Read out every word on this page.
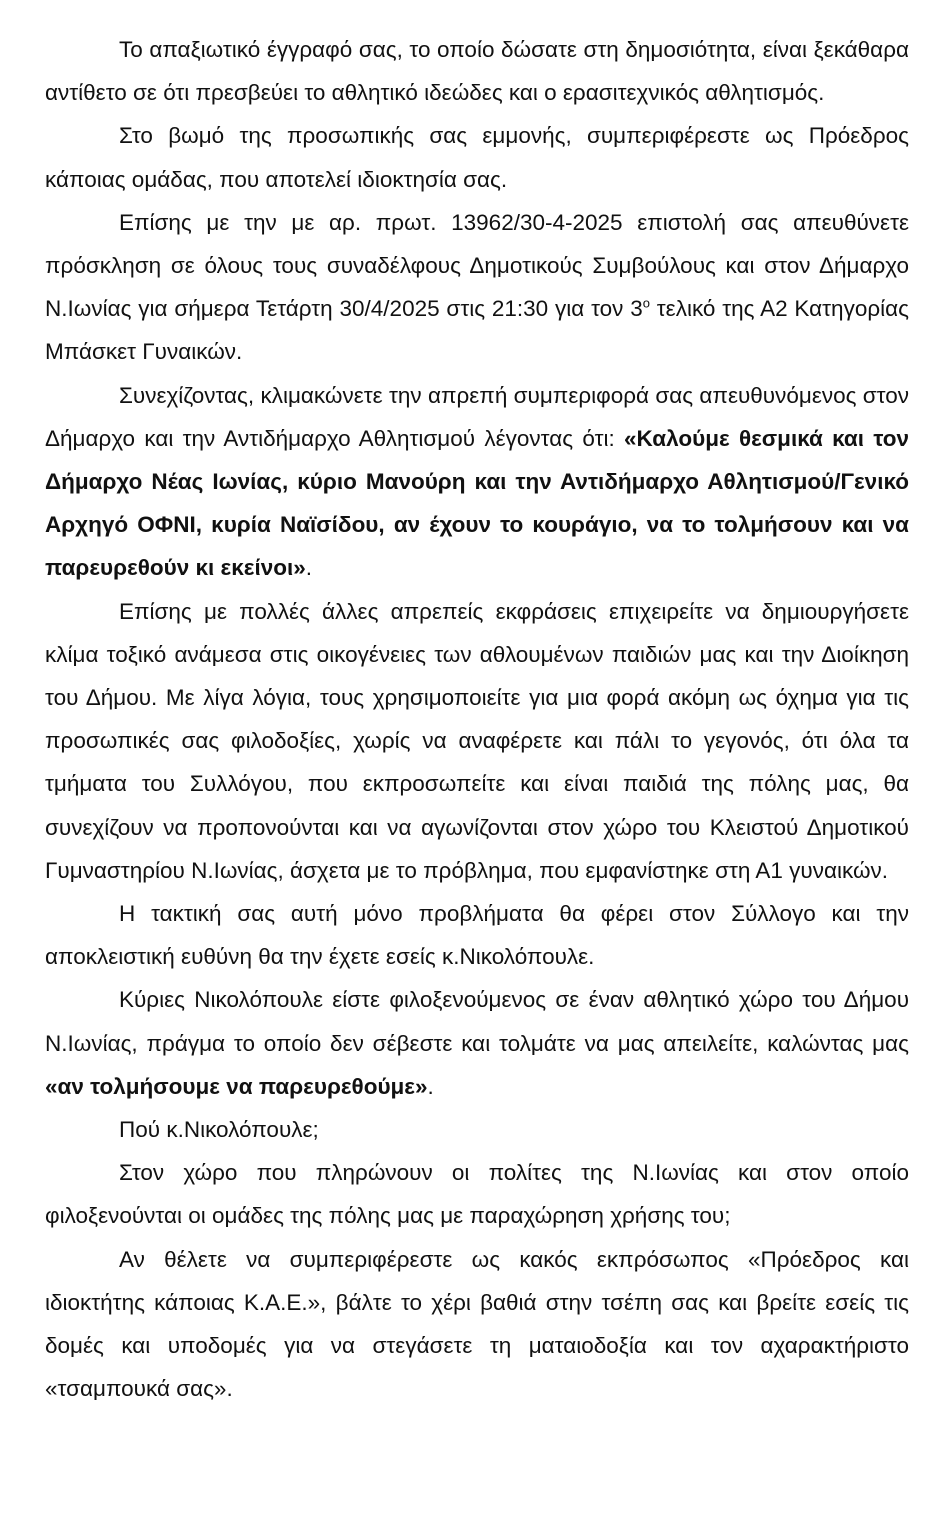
Το απαξιωτικό έγγραφό σας, το οποίο δώσατε στη δημοσιότητα, είναι ξεκάθαρα αντίθετο σε ότι πρεσβεύει το αθλητικό ιδεώδες και ο ερασιτεχνικός αθλητισμός.

Στο βωμό της προσωπικής σας εμμονής, συμπεριφέρεστε ως Πρόεδρος κάποιας ομάδας, που αποτελεί ιδιοκτησία σας.

Επίσης με την με αρ. πρωτ. 13962/30-4-2025 επιστολή σας απευθύνετε πρόσκληση σε όλους τους συναδέλφους Δημοτικούς Συμβούλους και στον Δήμαρχο Ν.Ιωνίας για σήμερα Τετάρτη 30/4/2025 στις 21:30 για τον $3^o$ τελικό της Α2 Κατηγορίας Μπάσκετ Γυναικών.

Συνεχίζοντας, κλιμακώνετε την απρεπή συμπεριφορά σας απευθυνόμενος στον Δήμαρχο και την Αντιδήμαρχο Αθλητισμού λέγοντας ότι: «Καλούμε θεσμικά και τον Δήμαρχο Νέας Ιωνίας, κύριο Μανούρη και την Αντιδήμαρχο Αθλητισμού/Γενικό Αρχηγό ΟΦΝΙ, κυρία Ναϊσίδου, αν έχουν το κουράγιο, να το τολμήσουν και να παρευρεθούν κι εκείνοι».

Επίσης με πολλές άλλες απρεπείς εκφράσεις επιχειρείτε να δημιουργήσετε κλίμα τοξικό ανάμεσα στις οικογένειες των αθλουμένων παιδιών μας και την Διοίκηση του Δήμου. Με λίγα λόγια, τους χρησιμοποιείτε για μια φορά ακόμη ως όχημα για τις προσωπικές σας φιλοδοξίες, χωρίς να αναφέρετε και πάλι το γεγονός, ότι όλα τα τμήματα του Συλλόγου, που εκπροσωπείτε και είναι παιδιά της πόλης μας, θα συνεχίζουν να προπονούνται και να αγωνίζονται στον χώρο του Κλειστού Δημοτικού Γυμναστηρίου Ν.Ιωνίας, άσχετα με το πρόβλημα, που εμφανίστηκε στη Α1 γυναικών.

Η τακτική σας αυτή μόνο προβλήματα θα φέρει στον Σύλλογο και την αποκλειστική ευθύνη θα την έχετε εσείς κ.Νικολόπουλε.

Κύριες Νικολόπουλε είστε φιλοξενούμενος σε έναν αθλητικό χώρο του Δήμου Ν.Ιωνίας, πράγμα το οποίο δεν σέβεστε και τολμάτε να μας απειλείτε, καλώντας μας «αν τολμήσουμε να παρευρεθούμε».

Πού κ.Νικολόπουλε;

Στον χώρο που πληρώνουν οι πολίτες της Ν.Ιωνίας και στον οποίο φιλοξενούνται οι ομάδες της πόλης μας με παραχώρηση χρήσης του;

Αν θέλετε να συμπεριφέρεστε ως κακός εκπρόσωπος «Πρόεδρος και ιδιοκτήτης κάποιας Κ.Α.Ε.», βάλτε το χέρι βαθιά στην τσέπη σας και βρείτε εσείς τις δομές και υποδομές για να στεγάσετε τη ματαιοδοξία και τον αχαρακτήριστο «τσαμπουκά σας».
